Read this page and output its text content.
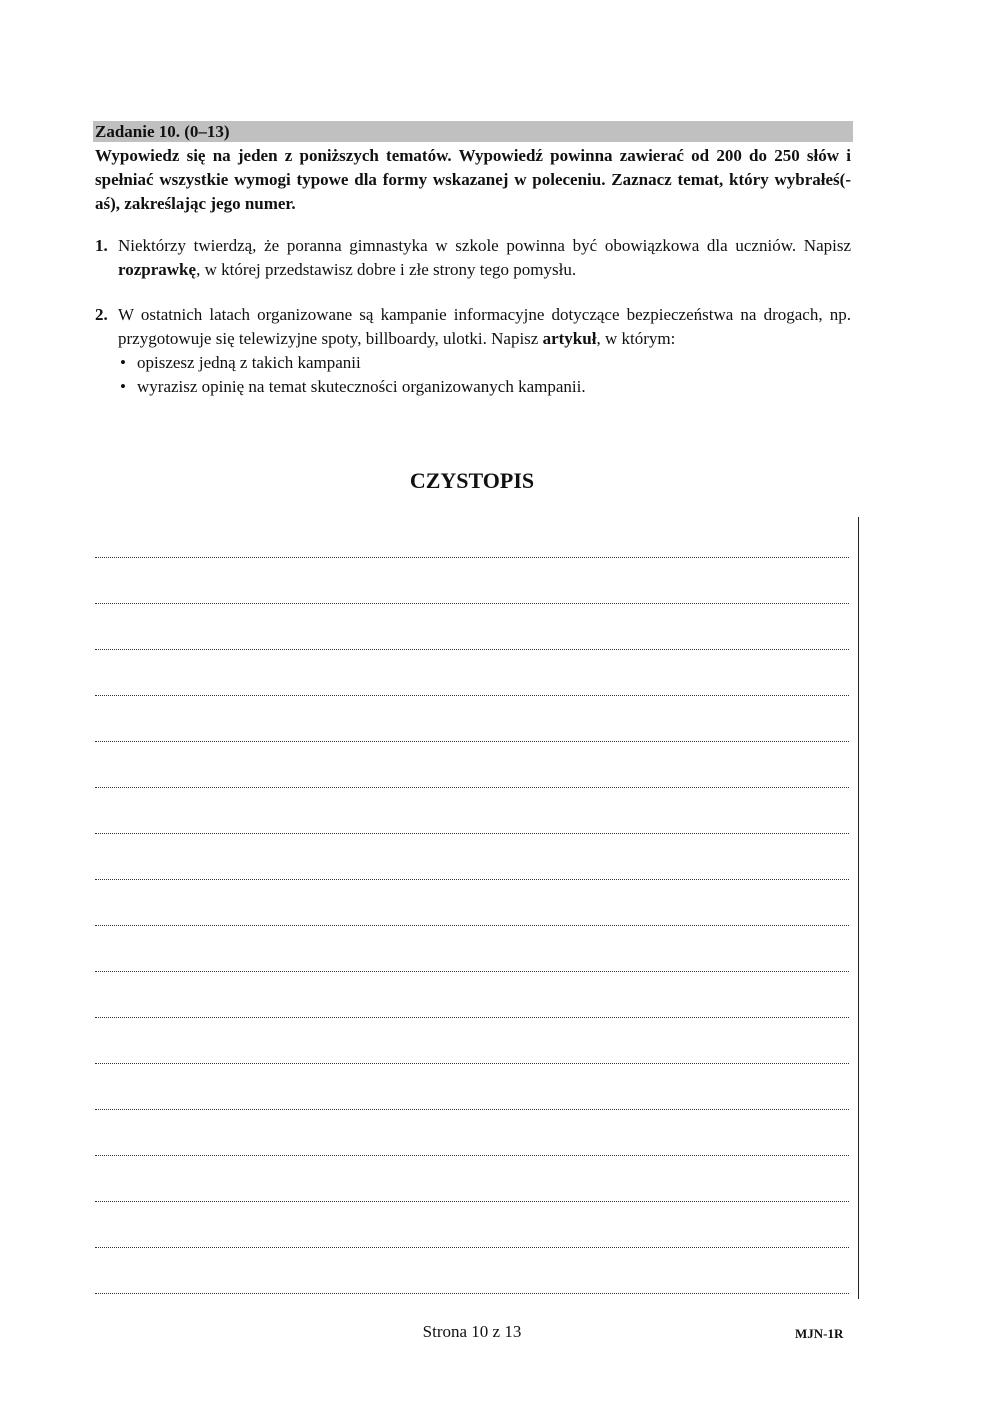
Zadanie 10. (0–13)

Wypowiedz się na jeden z poniższych tematów. Wypowiedź powinna zawierać od 200 do 250 słów i spełniać wszystkie wymogi typowe dla formy wskazanej w poleceniu. Zaznacz temat, który wybrałeś(-aś), zakreślając jego numer.

1. Niektórzy twierdzą, że poranna gimnastyka w szkole powinna być obowiązkowa dla uczniów. Napisz rozprawkę, w której przedstawisz dobre i złe strony tego pomysłu.
2. W ostatnich latach organizowane są kampanie informacyjne dotyczące bezpieczeństwa na drogach, np. przygotowuje się telewizyjne spoty, billboardy, ulotki. Napisz artykuł, w którym:
• opiszesz jedną z takich kampanii
• wyrazisz opinię na temat skuteczności organizowanych kampanii.
CZYSTOPIS
Strona 10 z 13	MJN-1R
